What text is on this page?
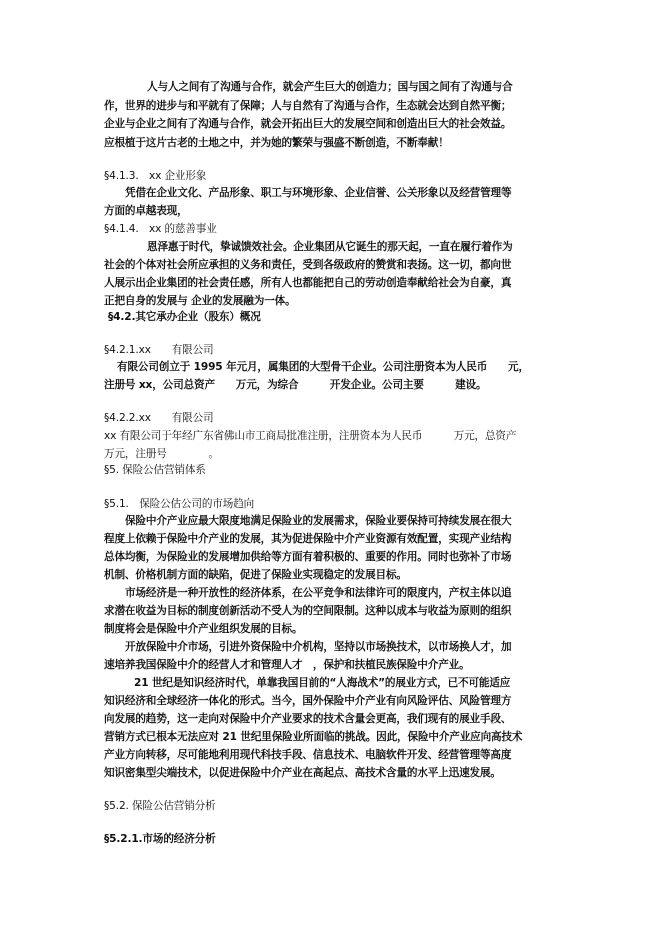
人与人之间有了沟通与合作，就会产生巨大的创造力；国与国之间有了沟通与合
作，世界的进步与和平就有了保障；人与自然有了沟通与合作，生态就会达到自然平衡；
企业与企业之间有了沟通与合作，就会开拓出巨大的发展空间和创造出巨大的社会效益。
应根植于这片古老的土地之中，并为她的繁荣与强盛不断创造，不断奉献！
§4.1.3.　xx 企业形象
凭借在企业文化、产品形象、职工与环境形象、企业信誉、公关形象以及经营管理等
方面的卓越表现，
§4.1.4.　xx 的慈善事业
恩泽惠于时代，挚诚馈效社会。企业集团从它诞生的那天起，一直在履行着作为
社会的个体对社会所应承担的义务和责任，受到各级政府的赞赏和表扬。这一切，都向世
人展示出企业集团的社会责任感，所有人也都能把自己的劳动创造奉献给社会为自豪，真
正把自身的发展与 企业的发展融为一体。
§4.2.其它承办企业（股东）概况
§4.2.1.xx　　有限公司
有限公司创立于 1995 年元月，属集团的大型骨干企业。公司注册资本为人民币　　元，
注册号 xx，公司总资产　　万元，为综合　　　开发企业。公司主要　　　建设。
§4.2.2.xx　　有限公司
xx 有限公司于年经广东省佛山市工商局批准注册，注册资本为人民币　　　万元，总资产
万元，注册号　　　　。
§5. 保险公估营销体系
§5.1.　保险公估公司的市场趋向
保险中介产业应最大限度地满足保险业的发展需求，保险业要保持可持续发展在很大
程度上依赖于保险中介产业的发展，其为促进保险中介产业资源有效配置，实现产业结构
总体均衡，为保险业的发展增加供给等方面有着积极的、重要的作用。同时也弥补了市场
机制、价格机制方面的缺陷，促进了保险业实现稳定的发展目标。
市场经济是一种开放性的经济体系，在公平竞争和法律许可的限度内，产权主体以追
求潜在收益为目标的制度创新活动不受人为的空间限制。这种以成本与收益为原则的组织
制度将会是保险中介产业组织发展的目标。
开放保险中介市场，引进外资保险中介机构，坚持以市场换技术，以市场换人才，加
速培养我国保险中介的经营人才和管理人才　，保护和扶植民族保险中介产业。
21 世纪是知识经济时代，单靠我国目前的“人海战术”的展业方式，已不可能适应
知识经济和全球经济一体化的形式。当今，国外保险中介产业有向风险评估、风险管理方
向发展的趋势，这一走向对保险中介产业要求的技术含量会更高，我们现有的展业手段、
营销方式已根本无法应对 21 世纪里保险业所面临的挑战。因此，保险中介产业应向高技术
产业方向转移，尽可能地利用现代科技手段、信息技术、电脑软件开发、经营管理等高度
知识密集型尖端技术，以促进保险中介产业在高起点、高技术含量的水平上迅速发展。
§5.2. 保险公估营销分析
§5.2.1.市场的经济分析
